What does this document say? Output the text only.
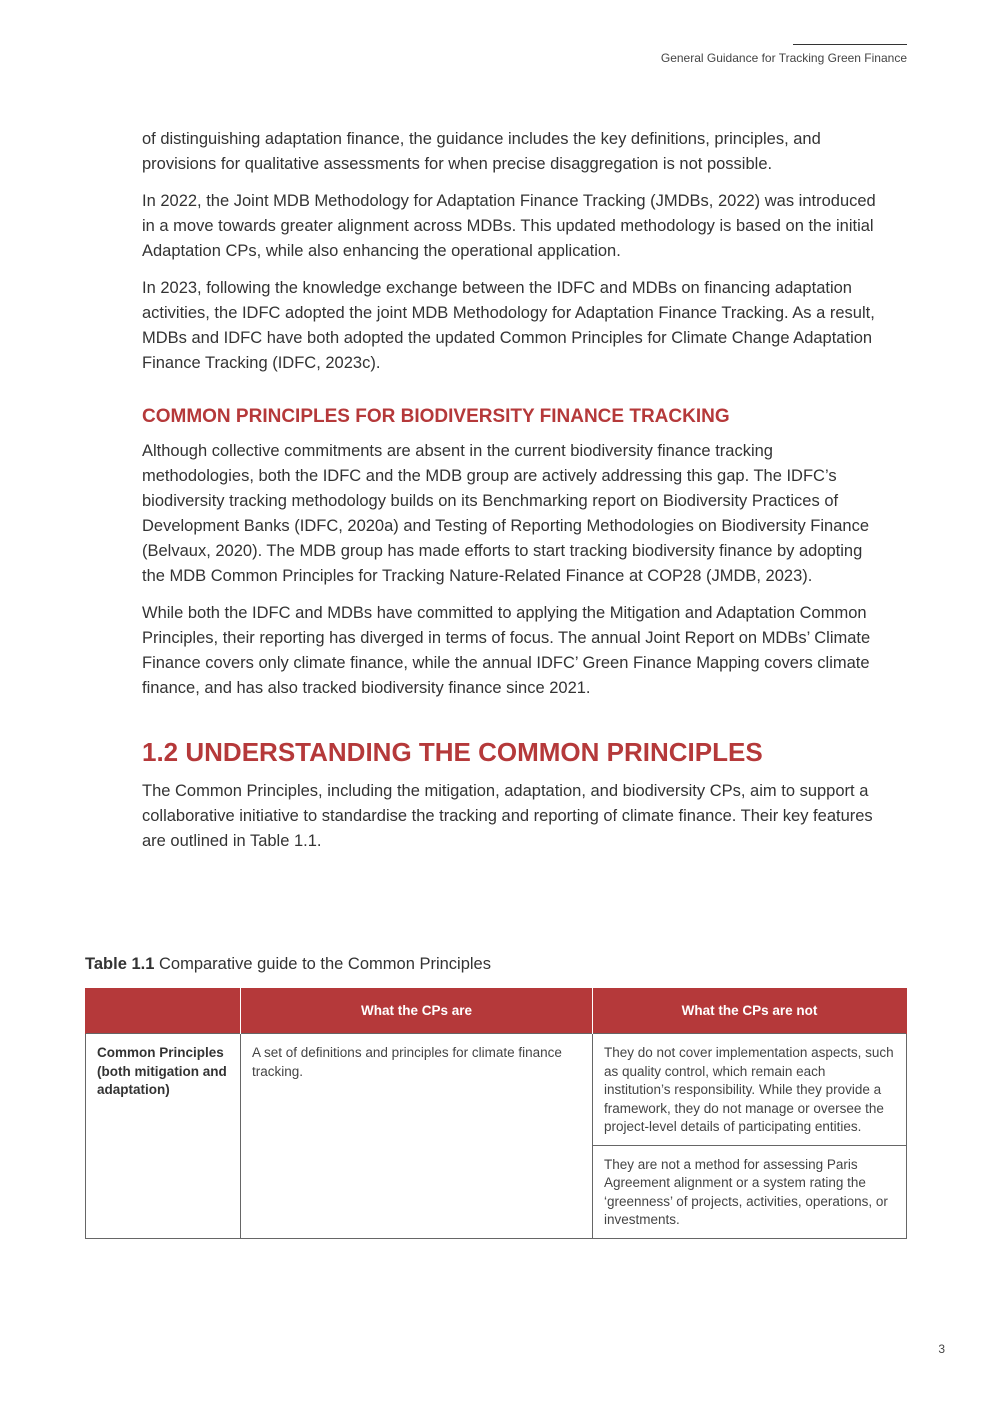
General Guidance for Tracking Green Finance

of distinguishing adaptation finance, the guidance includes the key definitions, principles, and provisions for qualitative assessments for when precise disaggregation is not possible.

In 2022, the Joint MDB Methodology for Adaptation Finance Tracking (JMDBs, 2022) was introduced in a move towards greater alignment across MDBs. This updated methodology is based on the initial Adaptation CPs, while also enhancing the operational application.

In 2023, following the knowledge exchange between the IDFC and MDBs on financing adaptation activities, the IDFC adopted the joint MDB Methodology for Adaptation Finance Tracking. As a result, MDBs and IDFC have both adopted the updated Common Principles for Climate Change Adaptation Finance Tracking (IDFC, 2023c).

COMMON PRINCIPLES FOR BIODIVERSITY FINANCE TRACKING

Although collective commitments are absent in the current biodiversity finance tracking methodologies, both the IDFC and the MDB group are actively addressing this gap. The IDFC’s biodiversity tracking methodology builds on its Benchmarking report on Biodiversity Practices of Development Banks (IDFC, 2020a) and Testing of Reporting Methodologies on Biodiversity Finance (Belvaux, 2020). The MDB group has made efforts to start tracking biodiversity finance by adopting the MDB Common Principles for Tracking Nature-Related Finance at COP28 (JMDB, 2023).

While both the IDFC and MDBs have committed to applying the Mitigation and Adaptation Common Principles, their reporting has diverged in terms of focus. The annual Joint Report on MDBs’ Climate Finance covers only climate finance, while the annual IDFC’ Green Finance Mapping covers climate finance, and has also tracked biodiversity finance since 2021.

1.2 UNDERSTANDING THE COMMON PRINCIPLES

The Common Principles, including the mitigation, adaptation, and biodiversity CPs, aim to support a collaborative initiative to standardise the tracking and reporting of climate finance. Their key features are outlined in Table 1.1.

Table 1.1 Comparative guide to the Common Principles
	What the CPs are	What the CPs are not
Common Principles (both mitigation and adaptation)	A set of definitions and principles for climate finance tracking.	They do not cover implementation aspects, such as quality control, which remain each institution’s responsibility. While they provide a framework, they do not manage or oversee the project-level details of participating entities.
		They are not a method for assessing Paris Agreement alignment or a system rating the ‘greenness’ of projects, activities, operations, or investments.
3
